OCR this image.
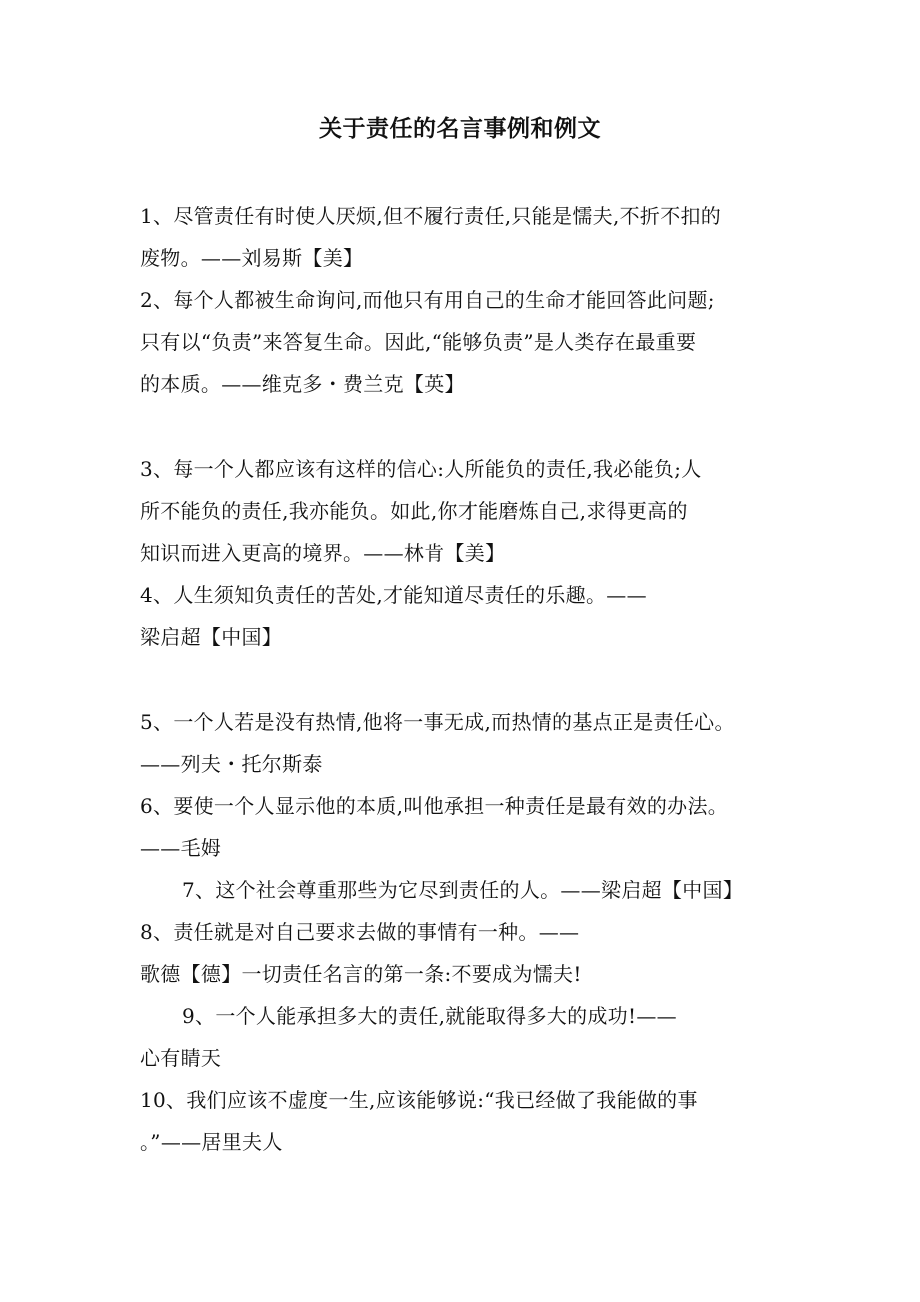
关于责任的名言事例和例文
1、尽管责任有时使人厌烦,但不履行责任,只能是懦夫,不折不扣的
废物。——刘易斯【美】
2、每个人都被生命询问,而他只有用自己的生命才能回答此问题;
只有以“负责”来答复生命。因此,“能够负责”是人类存在最重要
的本质。——维克多・费兰克【英】
3、每一个人都应该有这样的信心:人所能负的责任,我必能负;人
所不能负的责任,我亦能负。如此,你才能磨炼自己,求得更高的
知识而进入更高的境界。——林肯【美】
4、人生须知负责任的苦处,才能知道尽责任的乐趣。——
梁启超【中国】
5、一个人若是没有热情,他将一事无成,而热情的基点正是责任心。
——列夫・托尔斯泰
6、要使一个人显示他的本质,叫他承担一种责任是最有效的办法。
——毛姆
7、这个社会尊重那些为它尽到责任的人。——梁启超【中国】
8、责任就是对自己要求去做的事情有一种。——
歌德【德】一切责任名言的第一条:不要成为懦夫!
9、一个人能承担多大的责任,就能取得多大的成功!——
心有睛天
10、我们应该不虚度一生,应该能够说:“我已经做了我能做的事
。”——居里夫人
